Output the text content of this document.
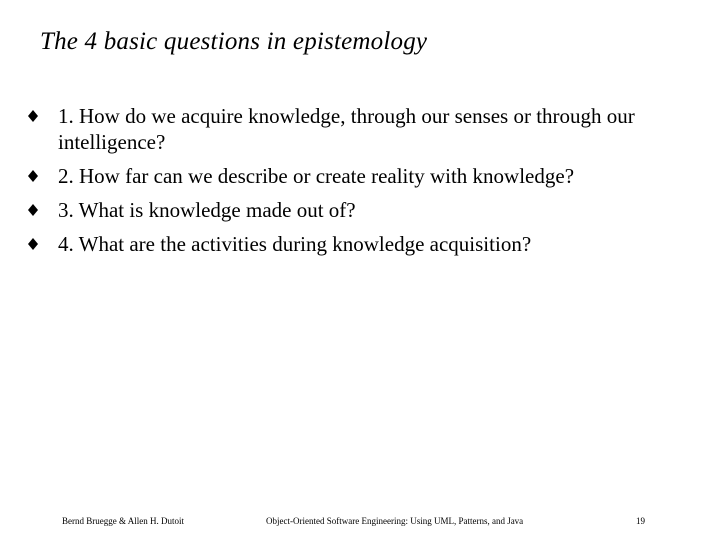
The 4 basic questions in epistemology
1. How do we acquire knowledge, through our senses or through our intelligence?
2. How far can we describe or create reality with knowledge?
3. What is knowledge made out of?
4. What are the activities during knowledge acquisition?
Bernd Bruegge & Allen H. Dutoit	Object-Oriented Software Engineering: Using UML, Patterns, and Java	19
